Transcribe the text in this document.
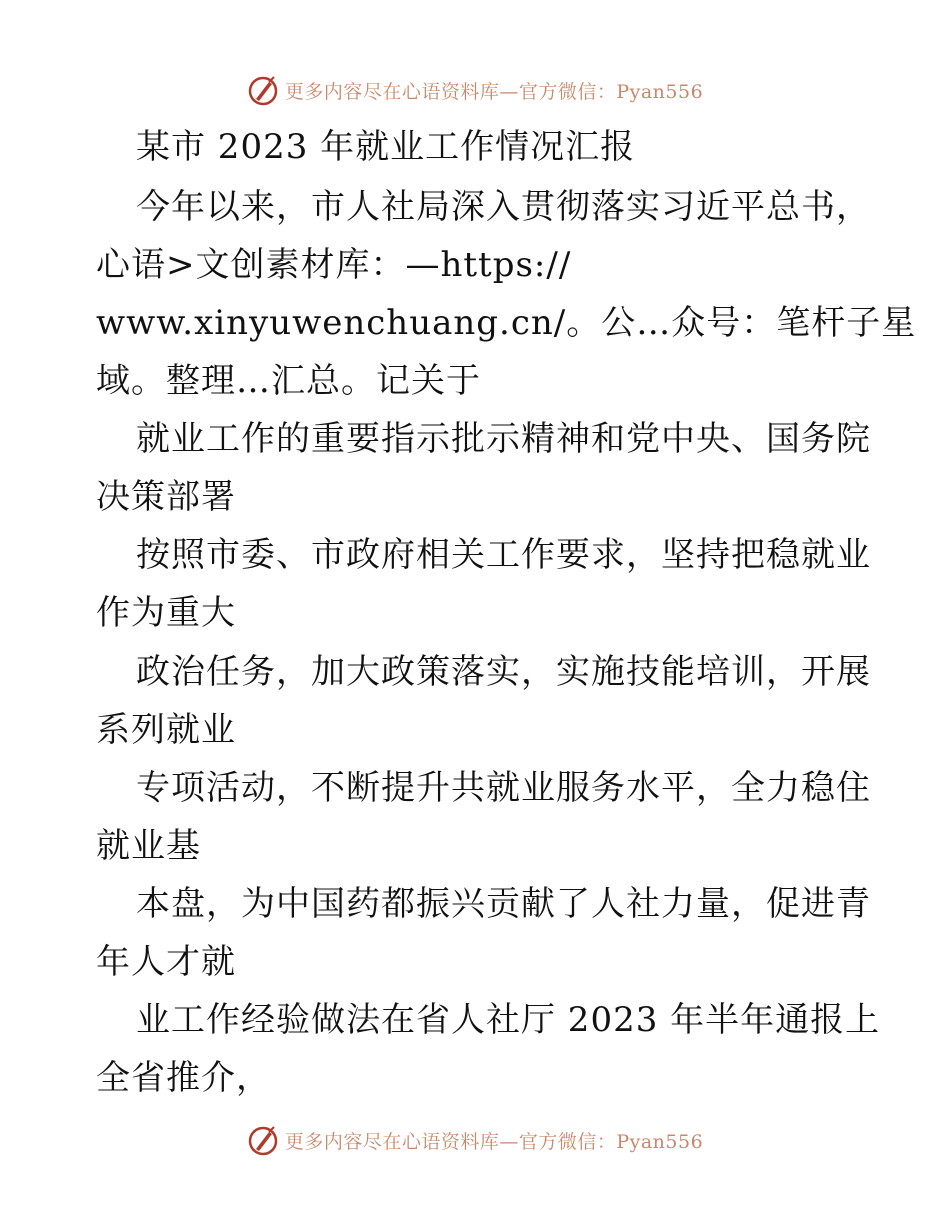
更多内容尽在心语资料库—官方微信：Pyan556
某市 2023 年就业工作情况汇报
今年以来，市人社局深入贯彻落实习近平总书，
心语>文创素材库：—https://
www.xinyuwenchuang.cn/。公…众号：笔杆子星
域。整理…汇总。记关于
就业工作的重要指示批示精神和党中央、国务院
决策部署
按照市委、市政府相关工作要求，坚持把稳就业
作为重大
政治任务，加大政策落实，实施技能培训，开展
系列就业
专项活动，不断提升共就业服务水平，全力稳住
就业基
本盘，为中国药都振兴贡献了人社力量，促进青
年人才就
业工作经验做法在省人社厅 2023 年半年通报上
全省推介，
更多内容尽在心语资料库—官方微信：Pyan556
